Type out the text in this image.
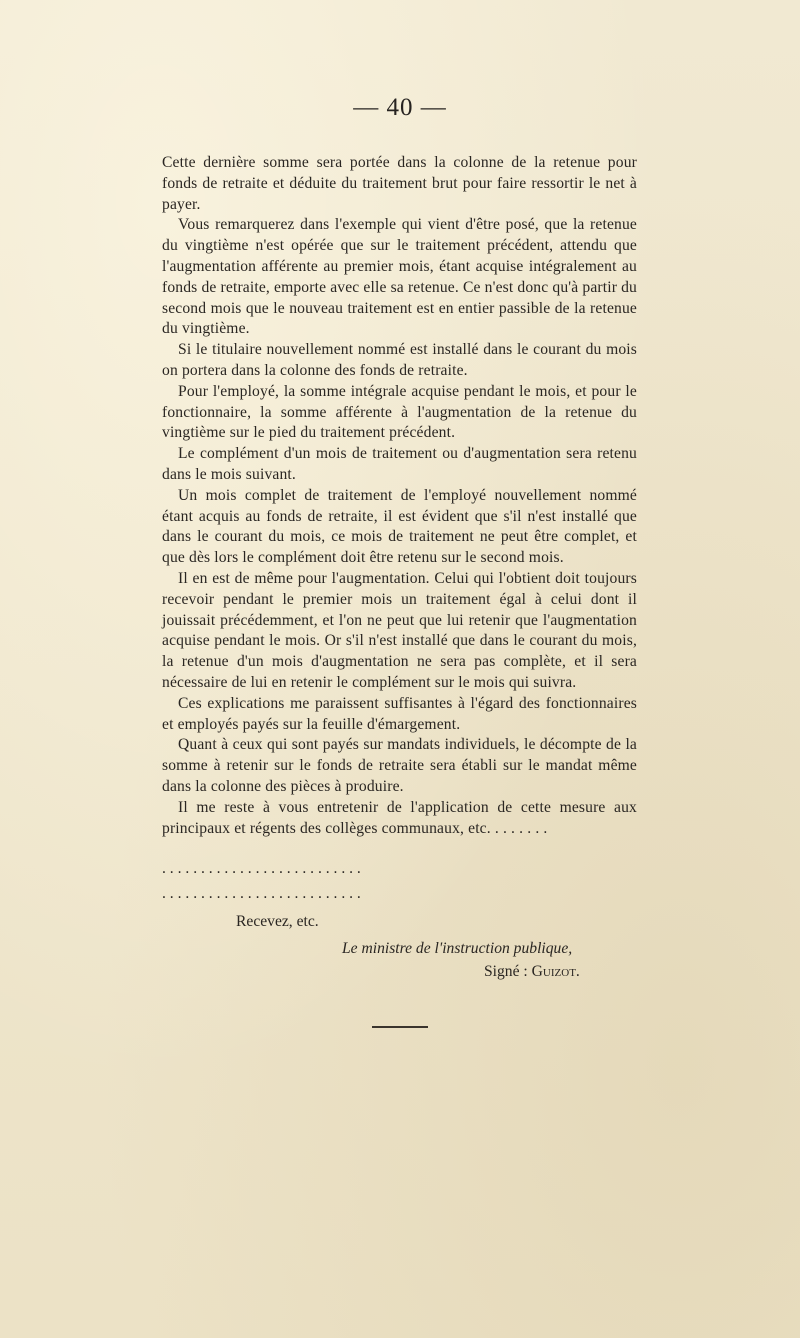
— 40 —

Cette dernière somme sera portée dans la colonne de la retenue pour fonds de retraite et déduite du traitement brut pour faire ressortir le net à payer.

Vous remarquerez dans l'exemple qui vient d'être posé, que la retenue du vingtième n'est opérée que sur le traitement précédent, attendu que l'augmentation afférente au premier mois, étant acquise intégralement au fonds de retraite, emporte avec elle sa retenue. Ce n'est donc qu'à partir du second mois que le nouveau traitement est en entier passible de la retenue du vingtième.

Si le titulaire nouvellement nommé est installé dans le courant du mois on portera dans la colonne des fonds de retraite.

Pour l'employé, la somme intégrale acquise pendant le mois, et pour le fonctionnaire, la somme afférente à l'augmentation de la retenue du vingtième sur le pied du traitement précédent.

Le complément d'un mois de traitement ou d'augmentation sera retenu dans le mois suivant.

Un mois complet de traitement de l'employé nouvellement nommé étant acquis au fonds de retraite, il est évident que s'il n'est installé que dans le courant du mois, ce mois de traitement ne peut être complet, et que dès lors le complément doit être retenu sur le second mois.

Il en est de même pour l'augmentation. Celui qui l'obtient doit toujours recevoir pendant le premier mois un traitement égal à celui dont il jouissait précédemment, et l'on ne peut que lui retenir que l'augmentation acquise pendant le mois. Or s'il n'est installé que dans le courant du mois, la retenue d'un mois d'augmentation ne sera pas complète, et il sera nécessaire de lui en retenir le complément sur le mois qui suivra.

Ces explications me paraissent suffisantes à l'égard des fonctionnaires et employés payés sur la feuille d'émargement.

Quant à ceux qui sont payés sur mandats individuels, le décompte de la somme à retenir sur le fonds de retraite sera établi sur le mandat même dans la colonne des pièces à produire.

Il me reste à vous entretenir de l'application de cette mesure aux principaux et régents des collèges communaux, etc. . . . . . . .

. . . . . . . . . . . . . . . . . . . . . . . . . .
. . . . . . . . . . . . . . . . . . . . . . . . . .
Recevez, etc.
Le ministre de l'instruction publique,
Signé : Guizot.
